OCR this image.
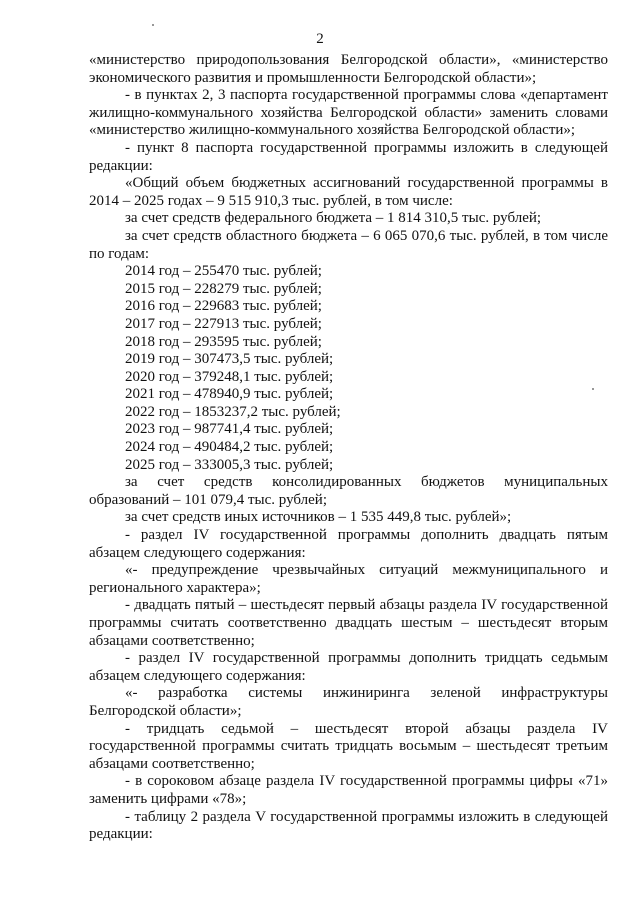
2

«министерство природопользования Белгородской области», «министерство экономического развития и промышленности Белгородской области»;

- в пунктах 2, 3 паспорта государственной программы слова «департамент жилищно-коммунального хозяйства Белгородской области» заменить словами «министерство жилищно-коммунального хозяйства Белгородской области»;

- пункт 8 паспорта государственной программы изложить в следующей редакции:

«Общий объем бюджетных ассигнований государственной программы в 2014 – 2025 годах – 9 515 910,3 тыс. рублей, в том числе:

за счет средств федерального бюджета – 1 814 310,5 тыс. рублей;

за счет средств областного бюджета – 6 065 070,6 тыс. рублей, в том числе по годам:

2014 год – 255470 тыс. рублей;

2015 год – 228279 тыс. рублей;

2016 год – 229683 тыс. рублей;

2017 год – 227913 тыс. рублей;

2018 год – 293595 тыс. рублей;

2019 год – 307473,5 тыс. рублей;

2020 год – 379248,1 тыс. рублей;

2021 год – 478940,9 тыс. рублей;

2022 год – 1853237,2 тыс. рублей;

2023 год – 987741,4 тыс. рублей;

2024 год – 490484,2 тыс. рублей;

2025 год – 333005,3 тыс. рублей;

за счет средств консолидированных бюджетов муниципальных образований – 101 079,4 тыс. рублей;

за счет средств иных источников – 1 535 449,8 тыс. рублей»;

- раздел IV государственной программы дополнить двадцать пятым абзацем следующего содержания:

«- предупреждение чрезвычайных ситуаций межмуниципального и регионального характера»;

- двадцать пятый – шестьдесят первый абзацы раздела IV государственной программы считать соответственно двадцать шестым – шестьдесят вторым абзацами соответственно;

- раздел IV государственной программы дополнить тридцать седьмым абзацем следующего содержания:

«- разработка системы инжиниринга зеленой инфраструктуры Белгородской области»;

- тридцать седьмой – шестьдесят второй абзацы раздела IV государственной программы считать тридцать восьмым – шестьдесят третьим абзацами соответственно;

- в сороковом абзаце раздела IV государственной программы цифры «71» заменить цифрами «78»;

- таблицу 2 раздела V государственной программы изложить в следующей редакции:
